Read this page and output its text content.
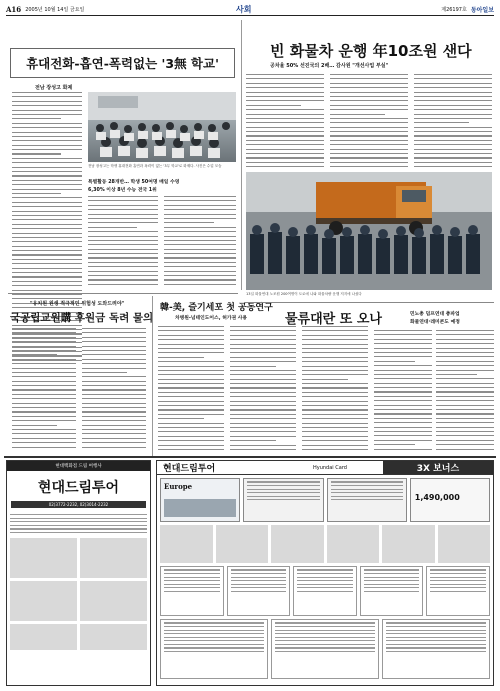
A16 2005년 10월 14일 금요일	사회	제26197호 동아일보
휴대전화-흡연-폭력없는 '3無 학교'
전남 장성고 화제
전남 장성고는 학생 휴대전화 흡연과 폭력이 없는 '3무 학교'로 화제다. 사진은 수업 모습
특별활동 28개반… 학생 50여명 매일 수영
6,30% 이상 8년 수능 전국 1위
"유치원 원생 적극적인 위험성 도와드려야"
국공립교원購 후원금 독려 물의
韓-美, 즐기세포 첫 공동연구
차병원-넘테인도어스, 허가권 사용
빈 화물차 운행 年10조원 샌다
공차율 50% 선진국의 2배… 감사원 "개선사업 부실"
13일 화물연대 노조원 200여명이 도로에 나와 화물차량 운행 저지에 나섰다
물류대란 또 오나	민노총 덤프연대 총파업
화물연대·레미콘도 예정
현대백화점 드림 여행사
현대드림투어
02)3772-2232, 02)3014-2232
현대드림투어	Hyundai Card	3X 보너스
Europe
1,490,000
